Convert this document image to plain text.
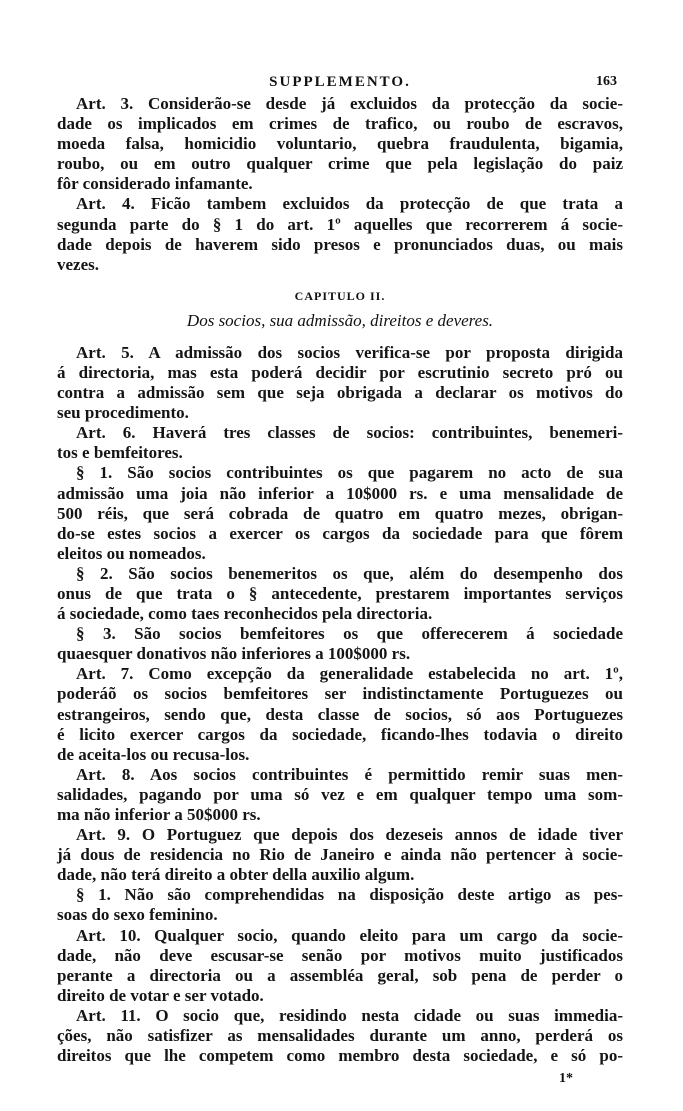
SUPPLEMENTO.	163
Art. 3. Considerão-se desde já excluidos da protecção da socie-
dade os implicados em crimes de trafico, ou roubo de escravos,
moeda falsa, homicidio voluntario, quebra fraudulenta, bigamia,
roubo, ou em outro qualquer crime que pela legislação do paiz
fôr considerado infamante.
Art. 4. Ficão tambem excluidos da protecção de que trata a
segunda parte do § 1 do art. 1º aquelles que recorrerem á socie-
dade depois de haverem sido presos e pronunciados duas, ou mais
vezes.
CAPITULO II.
Dos socios, sua admissão, direitos e deveres.
Art. 5. A admissão dos socios verifica-se por proposta dirigida
á directoria, mas esta poderá decidir por escrutinio secreto pró ou
contra a admissão sem que seja obrigada a declarar os motivos do
seu procedimento.
Art. 6. Haverá tres classes de socios: contribuintes, benemeri-
tos e bemfeitores.
§ 1. São socios contribuintes os que pagarem no acto de sua
admissão uma joia não inferior a 10$000 rs. e uma mensalidade de
500 réis, que será cobrada de quatro em quatro mezes, obrigan-
do-se estes socios a exercer os cargos da sociedade para que fôrem
eleitos ou nomeados.
§ 2. São socios benemeritos os que, além do desempenho dos
onus de que trata o § antecedente, prestarem importantes serviços
á sociedade, como taes reconhecidos pela directoria.
§ 3. São socios bemfeitores os que offerecerem á sociedade
quaesquer donativos não inferiores a 100$000 rs.
Art. 7. Como excepção da generalidade estabelecida no art. 1º,
poderáõ os socios bemfeitores ser indistinctamente Portuguezes ou
estrangeiros, sendo que, desta classe de socios, só aos Portuguezes
é licito exercer cargos da sociedade, ficando-lhes todavia o direito
de aceita-los ou recusa-los.
Art. 8. Aos socios contribuintes é permittido remir suas men-
salidades, pagando por uma só vez e em qualquer tempo uma som-
ma não inferior a 50$000 rs.
Art. 9. O Portuguez que depois dos dezeseis annos de idade tiver
já dous de residencia no Rio de Janeiro e ainda não pertencer à socie-
dade, não terá direito a obter della auxilio algum.
§ 1. Não são comprehendidas na disposição deste artigo as pes-
soas do sexo feminino.
Art. 10. Qualquer socio, quando eleito para um cargo da socie-
dade, não deve escusar-se senão por motivos muito justificados
perante a directoria ou a assembléa geral, sob pena de perder o
direito de votar e ser votado.
Art. 11. O socio que, residindo nesta cidade ou suas immedia-
ções, não satisfizer as mensalidades durante um anno, perderá os
direitos que lhe competem como membro desta sociedade, e só po-
1*
